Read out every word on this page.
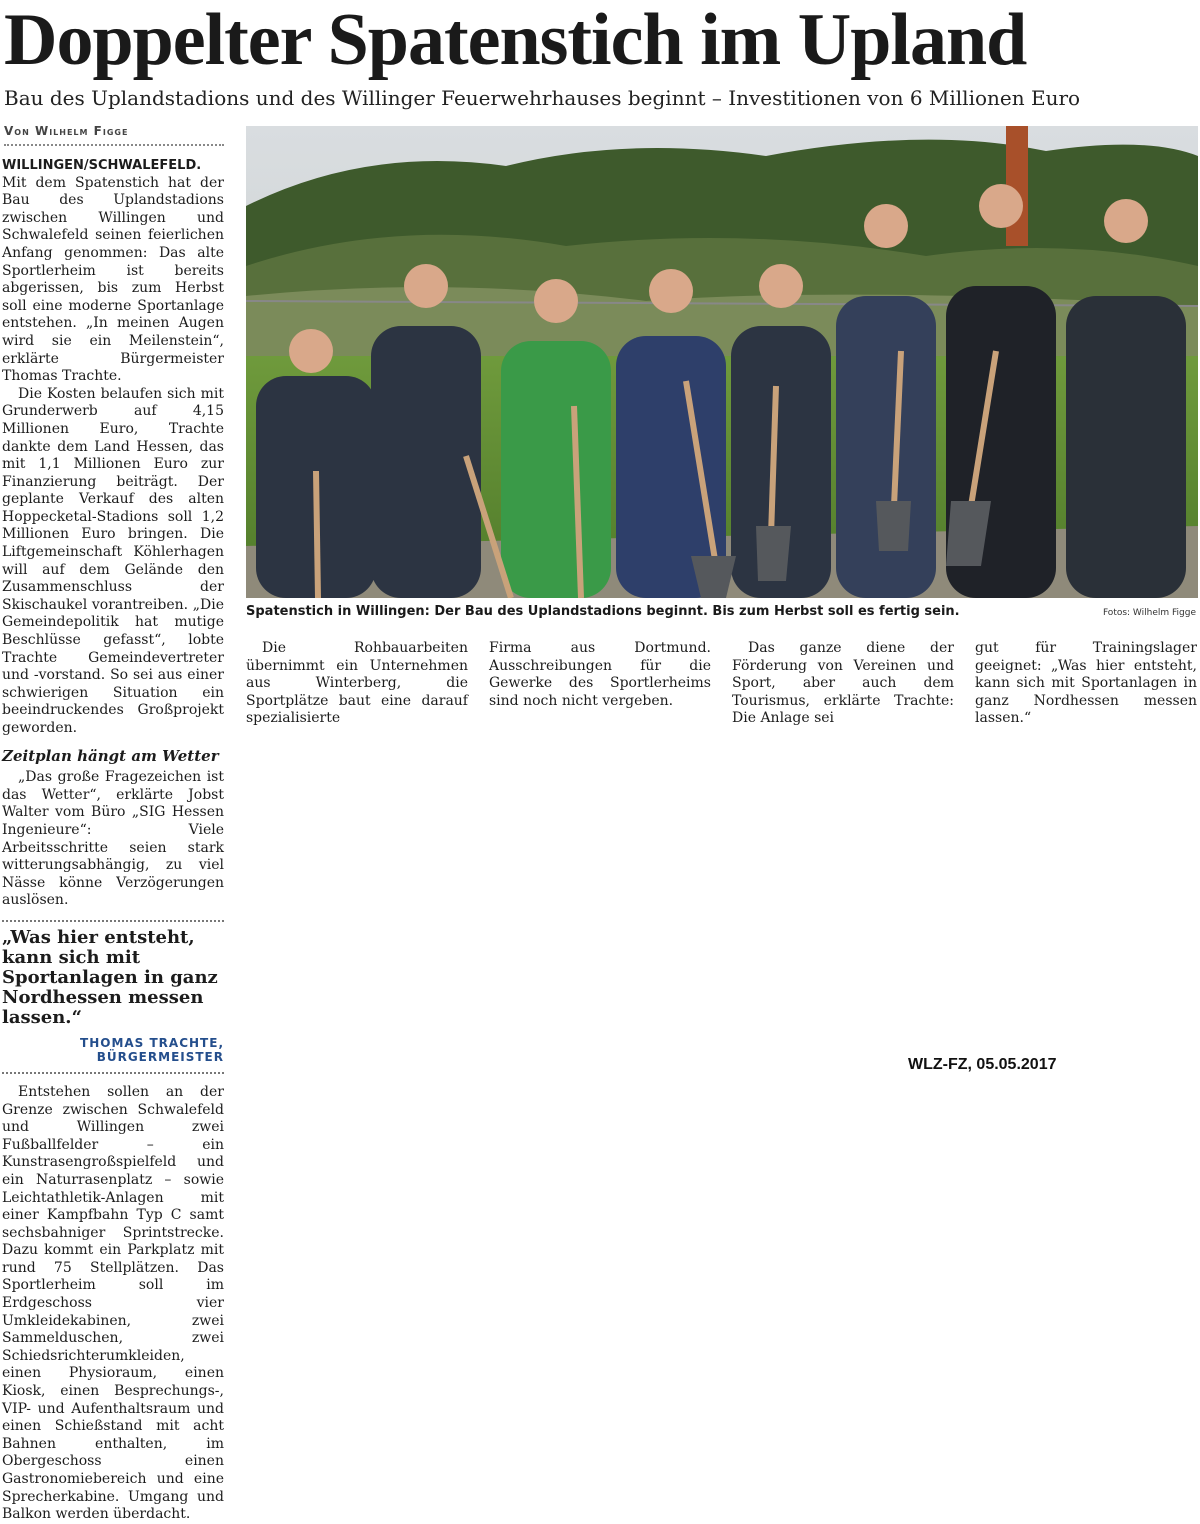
Doppelter Spatenstich im Upland
Bau des Uplandstadions und des Willinger Feuerwehrhauses beginnt – Investitionen von 6 Millionen Euro
Von Wilhelm Figge

WILLINGEN/SCHWALEFELD. Mit dem Spatenstich hat der Bau des Uplandstadions zwischen Willingen und Schwalefeld seinen feierlichen Anfang genommen: Das alte Sportlerheim ist bereits abgerissen, bis zum Herbst soll eine moderne Sportanlage entstehen. „In meinen Augen wird sie ein Meilenstein“, erklärte Bürgermeister Thomas Trachte.

Die Kosten belaufen sich mit Grunderwerb auf 4,15 Millionen Euro, Trachte dankte dem Land Hessen, das mit 1,1 Millionen Euro zur Finanzierung beiträgt. Der geplante Verkauf des alten Hoppecketal-Stadions soll 1,2 Millionen Euro bringen. Die Liftgemeinschaft Köhlerhagen will auf dem Gelände den Zusammenschluss der Skischaukel vorantreiben. „Die Gemeindepolitik hat mutige Beschlüsse gefasst“, lobte Trachte Gemeindevertreter und -vorstand. So sei aus einer schwierigen Situation ein beeindruckendes Großprojekt geworden.

Zeitplan hängt am Wetter

„Das große Fragezeichen ist das Wetter“, erklärte Jobst Walter vom Büro „SIG Hessen Ingenieure“: Viele Arbeitsschritte seien stark witterungsabhängig, zu viel Nässe könne Verzögerungen auslösen.

„Was hier entsteht, kann sich mit Sportanlagen in ganz Nordhessen messen lassen.“

THOMAS TRACHTE,
BÜRGERMEISTER

Entstehen sollen an der Grenze zwischen Schwalefeld und Willingen zwei Fußballfelder – ein Kunstrasengroßspielfeld und ein Naturrasenplatz – sowie Leichtathletik-Anlagen mit einer Kampfbahn Typ C samt sechsbahniger Sprintstrecke. Dazu kommt ein Parkplatz mit rund 75 Stellplätzen. Das Sportlerheim soll im Erdgeschoss vier Umkleidekabinen, zwei Sammelduschen, zwei Schiedsrichterumkleiden, einen Physioraum, einen Kiosk, einen Besprechungs-, VIP- und Aufenthaltsraum und einen Schießstand mit acht Bahnen enthalten, im Obergeschoss einen Gastronomiebereich und eine Sprecherkabine. Umgang und Balkon werden überdacht.

Spatenstich in Willingen: Der Bau des Uplandstadions beginnt. Bis zum Herbst soll es fertig sein.	Fotos: Wilhelm Figge

Die Rohbauarbeiten übernimmt ein Unternehmen aus Winterberg, die Sportplätze baut eine darauf spezialisierte

Firma aus Dortmund. Ausschreibungen für die Gewerke des Sportlerheims sind noch nicht vergeben.

Das ganze diene der Förderung von Vereinen und Sport, aber auch dem Tourismus, erklärte Trachte: Die Anlage sei

gut für Trainingslager geeignet: „Was hier entsteht, kann sich mit Sportanlagen in ganz Nordhessen messen lassen.“

WLZ-FZ, 05.05.2017
